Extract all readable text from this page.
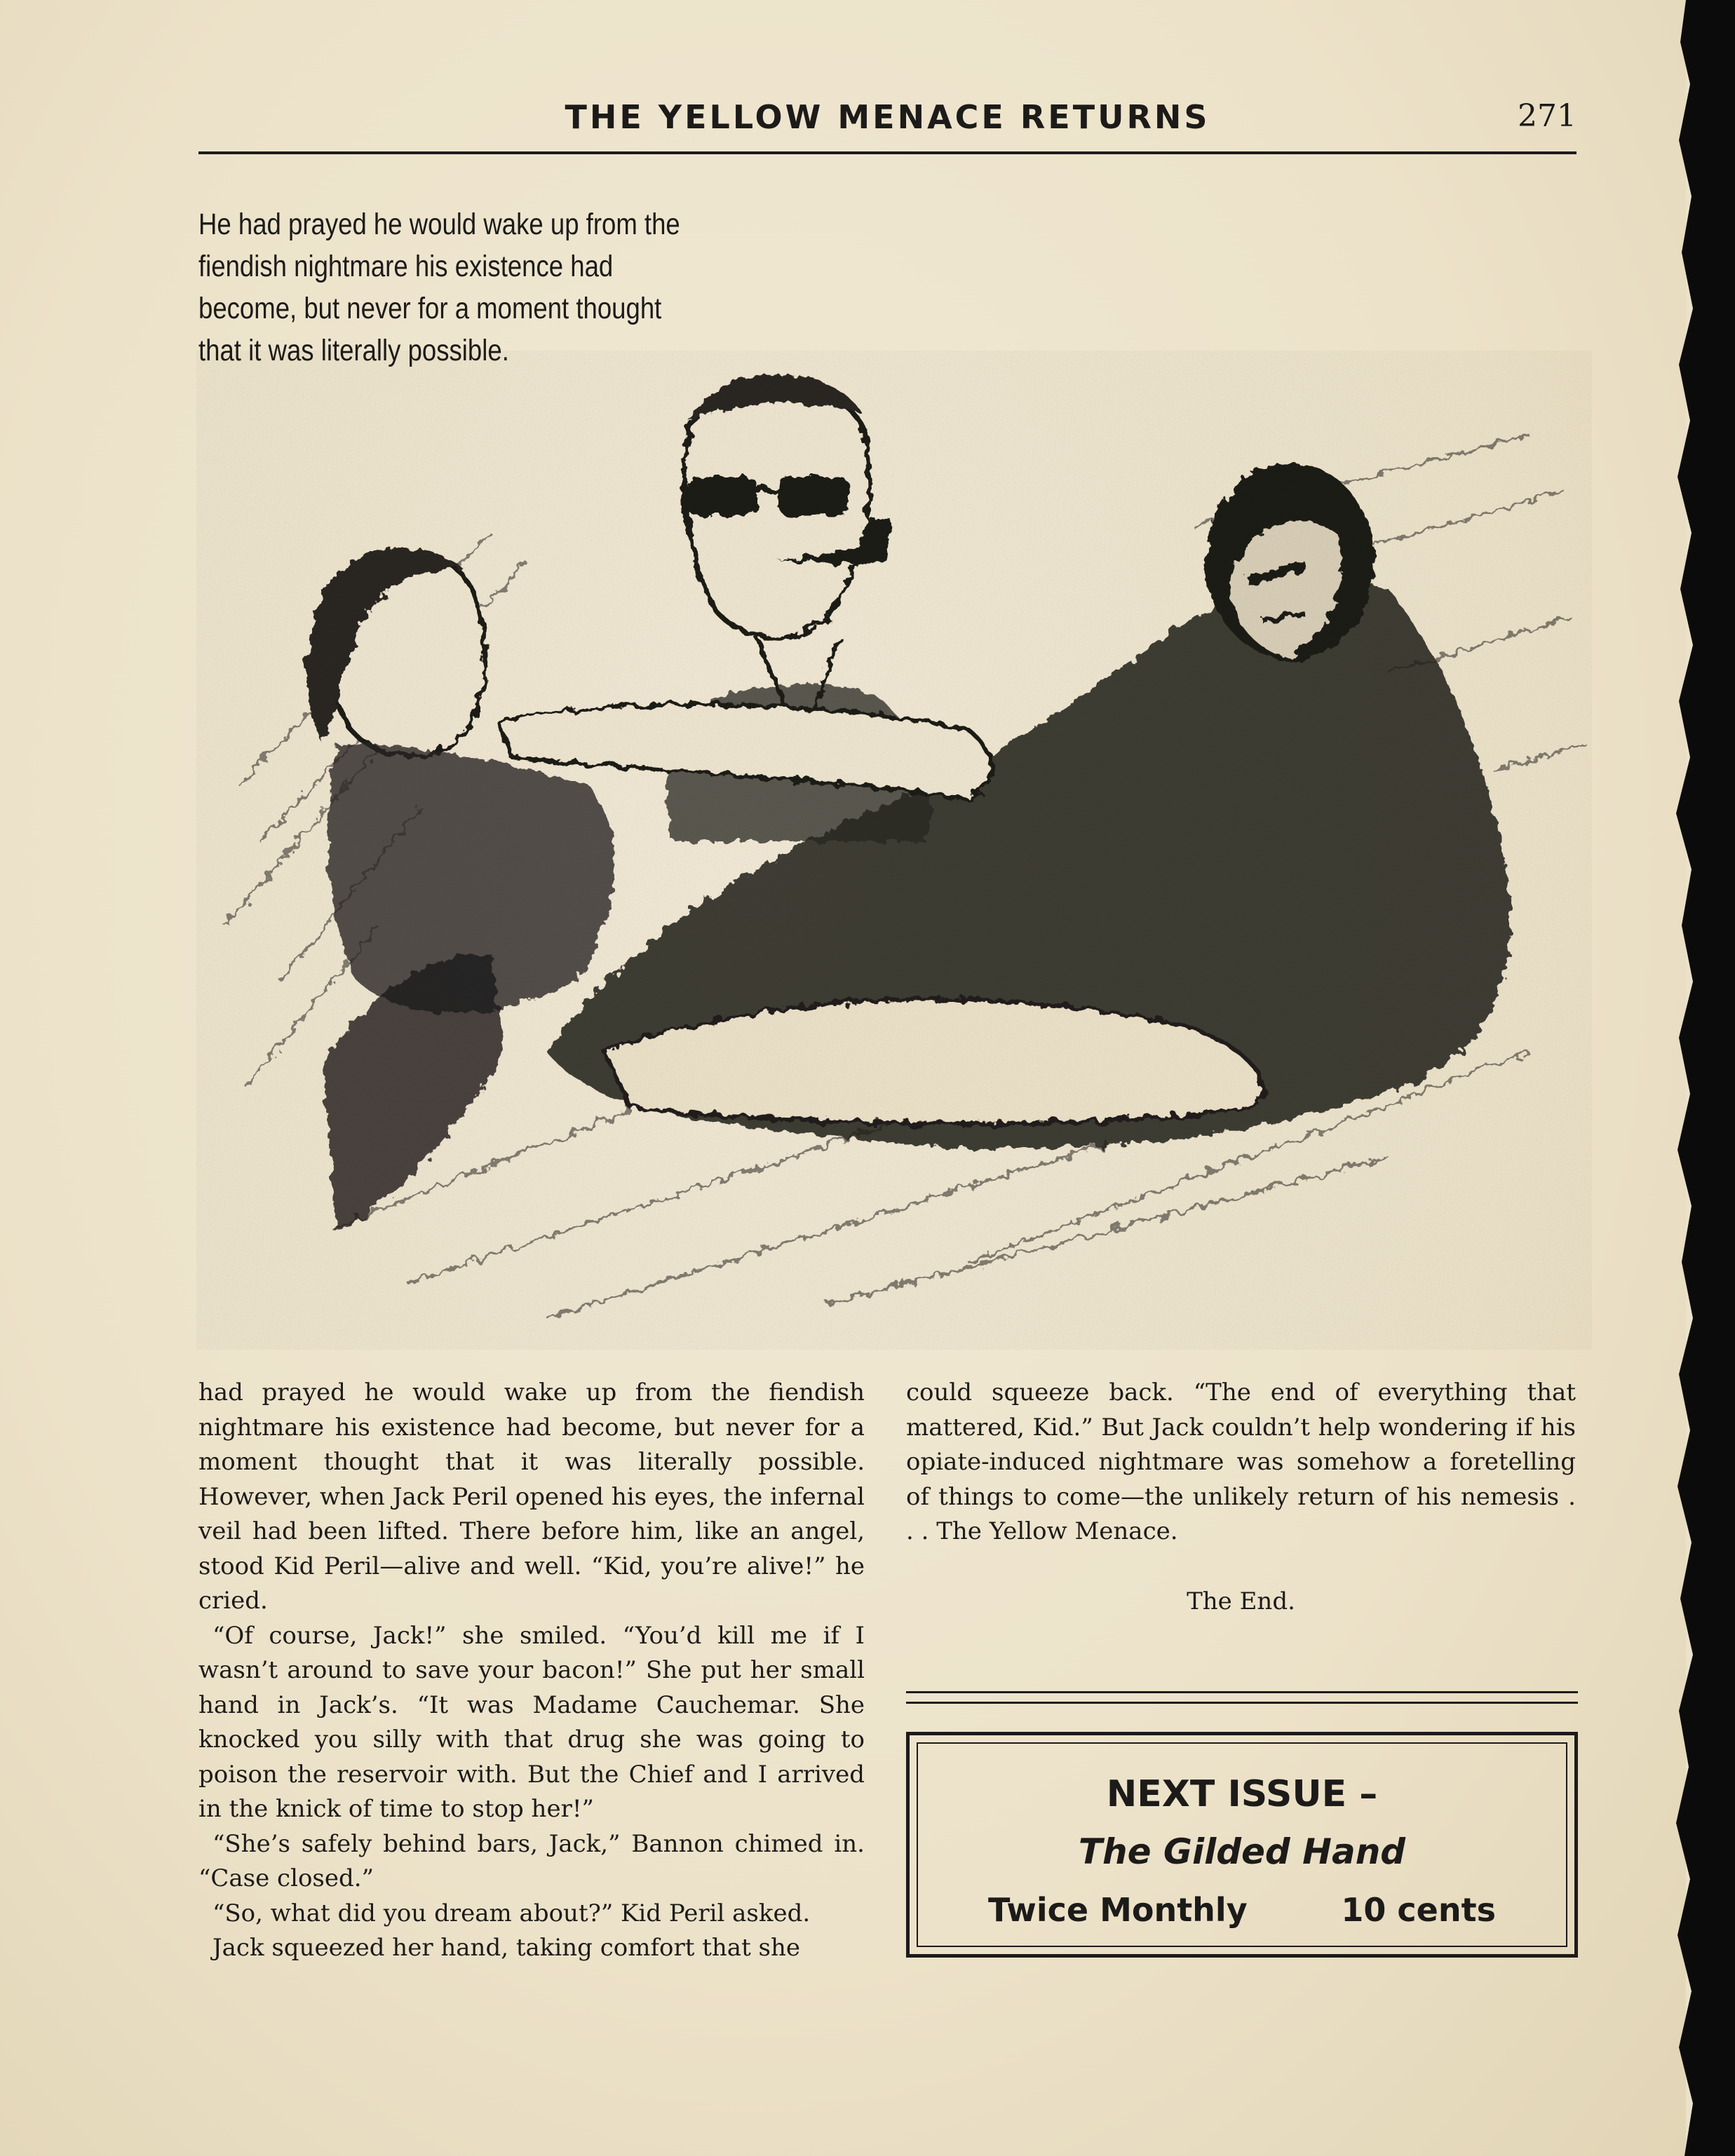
THE YELLOW MENACE RETURNS	271
He had prayed he would wake up from the fiendish nightmare his existence had become, but never for a moment thought that it was literally possible.

had prayed he would wake up from the fiendish nightmare his existence had become, but never for a moment thought that it was literally possible. However, when Jack Peril opened his eyes, the infernal veil had been lifted. There before him, like an angel, stood Kid Peril—alive and well. “Kid, you’re alive!” he cried.

“Of course, Jack!” she smiled. “You’d kill me if I wasn’t around to save your bacon!” She put her small hand in Jack’s. “It was Madame Cauchemar. She knocked you silly with that drug she was going to poison the reservoir with. But the Chief and I arrived in the knick of time to stop her!”

“She’s safely behind bars, Jack,” Bannon chimed in. “Case closed.”

“So, what did you dream about?” Kid Peril asked.

Jack squeezed her hand, taking comfort that she

could squeeze back. “The end of everything that mattered, Kid.” But Jack couldn’t help wondering if his opiate-induced nightmare was somehow a foretelling of things to come—the unlikely return of his nemesis . . . The Yellow Menace.

The End.

NEXT ISSUE –
The Gilded Hand
Twice Monthly	10 cents
